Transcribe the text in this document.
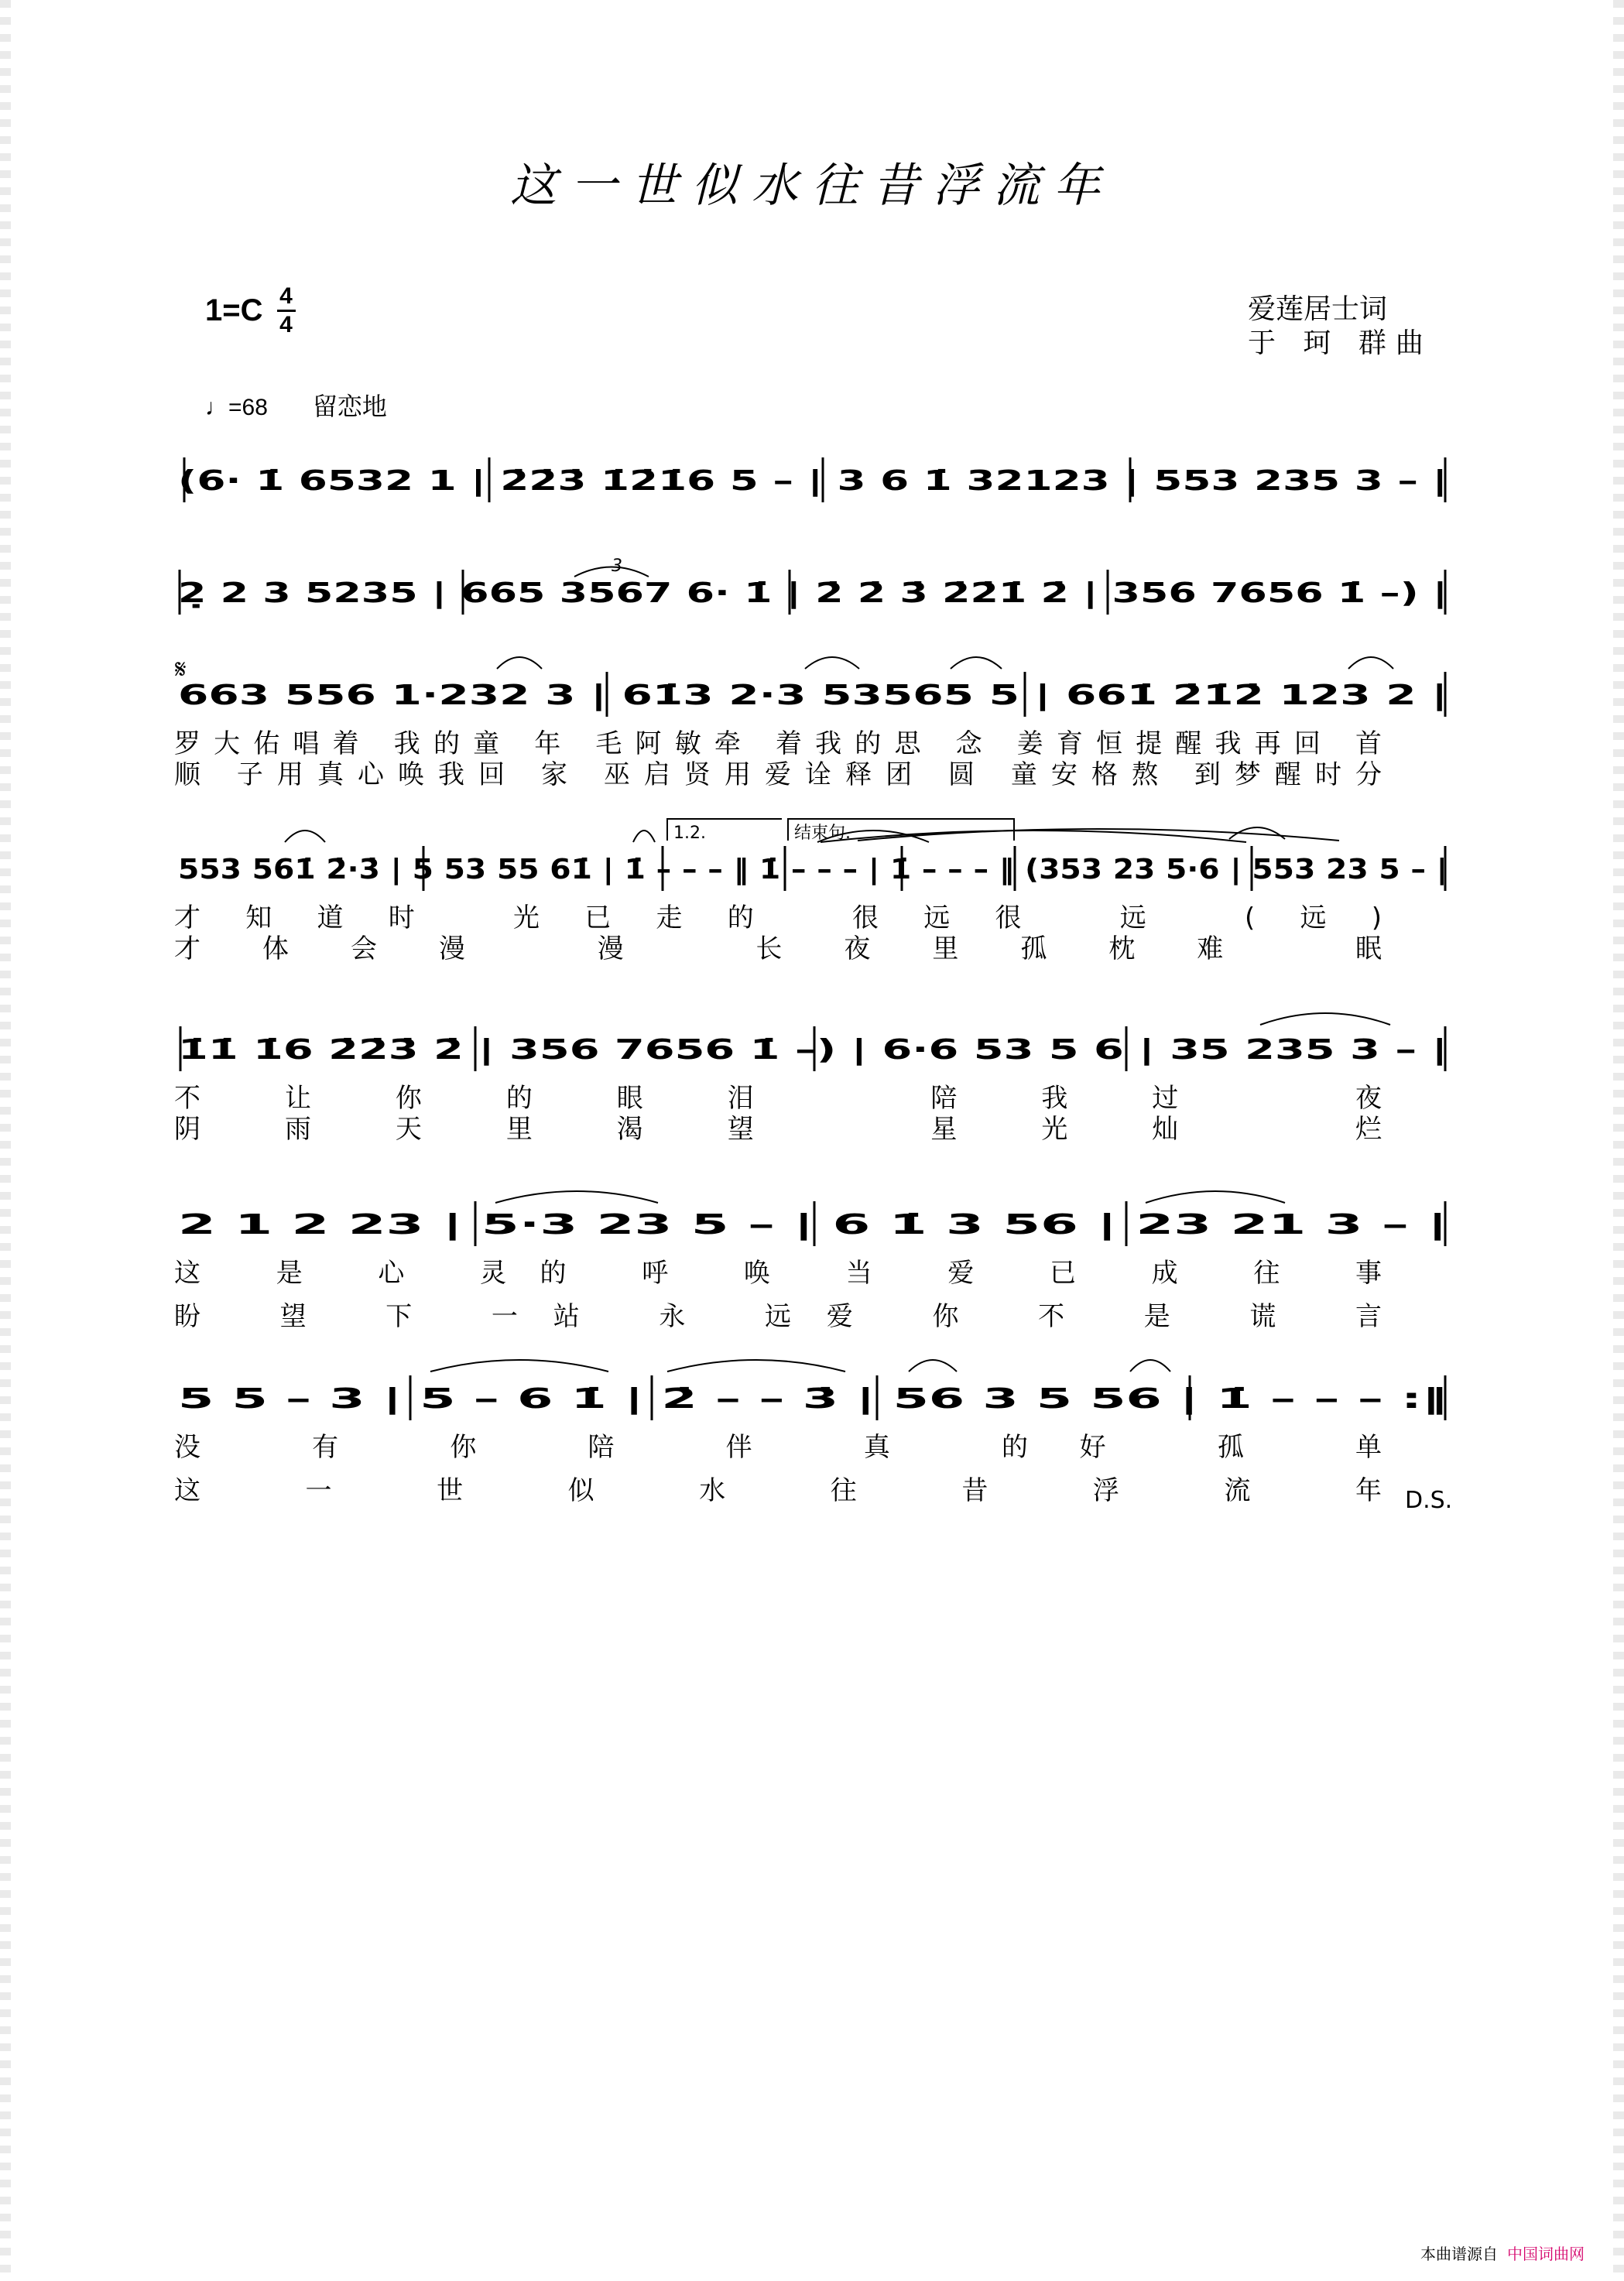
这一世似水往昔浮流年
1=C 4
4	爱莲居士词
于 珂 群曲
♩=68 留恋地
(6· 1̇ 6532 1 | 2̇2̇3̇ 1̇2̇1̇6 5 – | 3 6 1̇ 32123 | 553 235 3 – |
2̣ 2 3 5235 | 665 3567 6· 1̇ | 2̇ 2̇ 3̇ 2̇2̇1̇ 2̇ | 356 7656 1̇ –) |
663 556 1·232 3 | 61̇3 2·3 53565 5 | 661̇ 2̇1̇2̇ 123 2 |
罗大佑唱着 我的童 年 毛阿敏牵 着我的思 念 姜育恒提醒我再回 首
顺 子用真心唤我回 家 巫启贤用爱诠释团 圆 童安格熬 到梦醒时分
553 561̇ 2̇·3̇ | 5 53 55 61̇ | 1̇ – – – ‖ 1̇ – – – | 1̇ – – – ‖ (353 23 5·6 | 553 23 5 – |
才知道时 光已走的 很远很 远 (远)
才体会漫 漫 长夜里孤枕难 眠
1̇1̇ 1̇6 2̇2̇3̇ 2̇ | 356 7656 1̇ –) | 6·6 53 5 6 | 35 235 3 – |
不让你的眼泪 陪我过 夜
阴雨天里渴望 星光灿 烂
2 1 2 23 | 5·3 23 5 – | 6 1̇ 3 56 | 23 21 3 – |
这 是 心 灵的 呼 唤 当 爱 已 成 往 事
盼 望 下 一站 永 远爱 你 不 是 谎 言
5 5 – 3 | 5 – 6 1̇ | 2̇ – – 3̇ | 56 3 5 56 | 1̇ – – – :‖
没 有 你 陪 伴 真 的好 孤 单
这 一 世 似 水 往 昔 浮 流 年
𝄋
3
1.2.	结束句.
D.S.
本曲谱源自 中国词曲网
